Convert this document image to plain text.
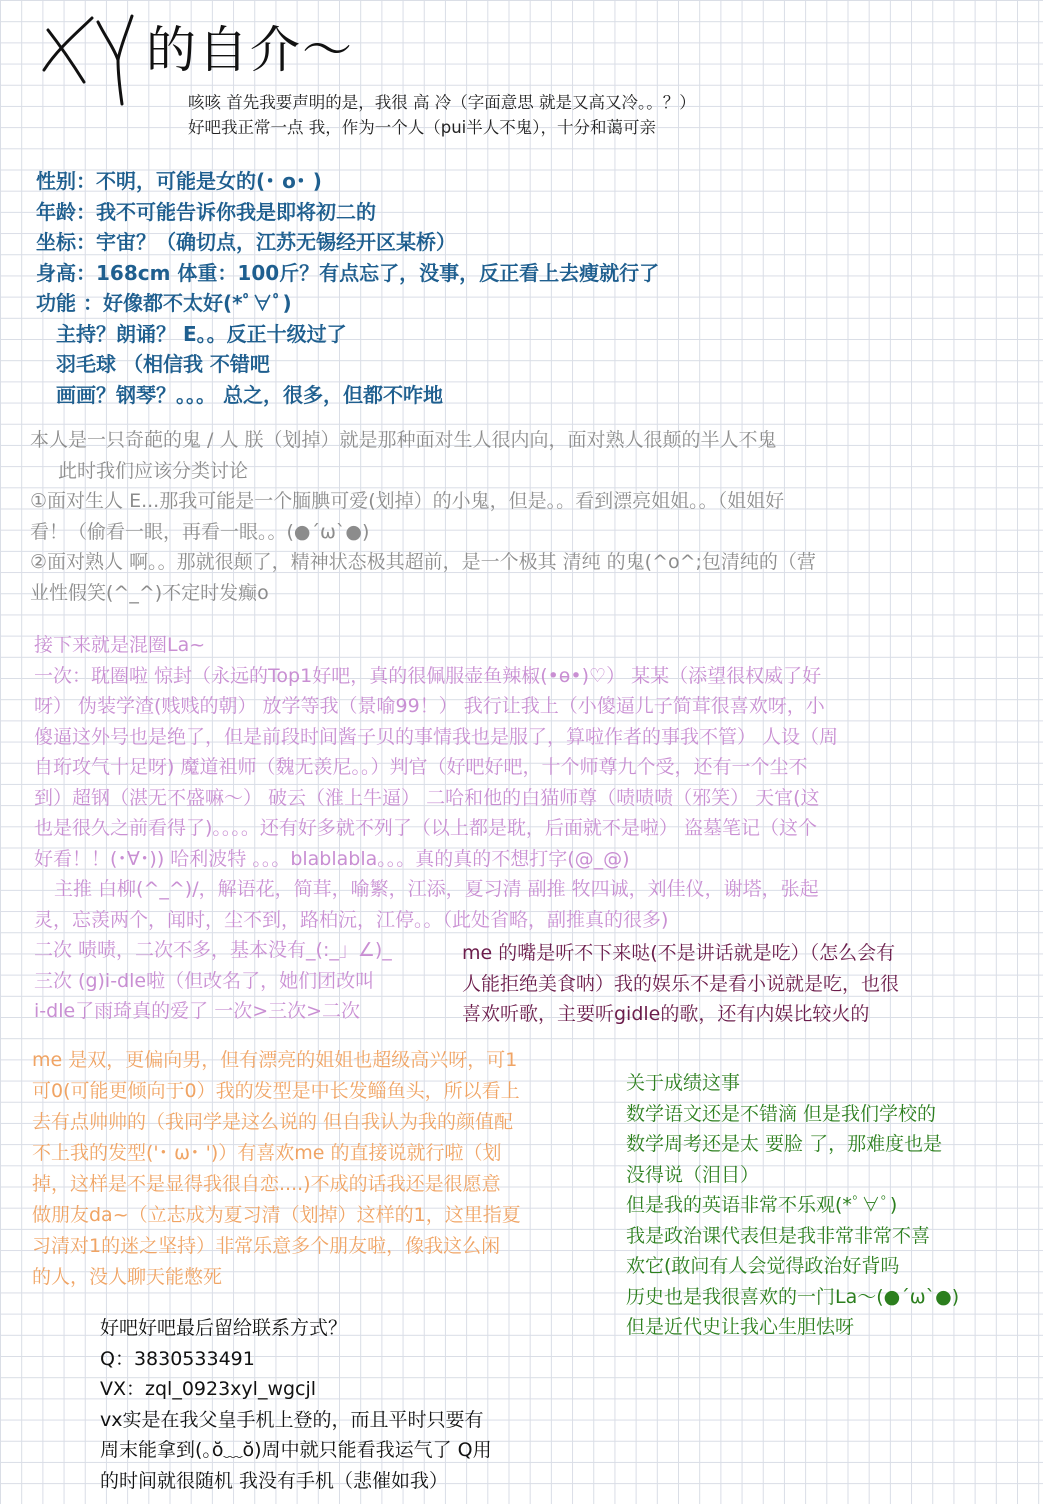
的自介～
咳咳 首先我要声明的是，我很 高 冷（字面意思 就是又高又冷。。？）
好吧我正常一点 我，作为一个人（pui半人不鬼），十分和蔼可亲
性别：不明，可能是女的(･ o･ )
年龄：我不可能告诉你我是即将初二的
坐标：宇宙？（确切点，江苏无锡经开区某桥）
身高：168cm 体重：100斤？有点忘了，没事，反正看上去瘦就行了
功能 ：好像都不太好(*ﾟ∀ﾟ)
主持？朗诵？ E。。反正十级过了
羽毛球 （相信我 不错吧
画画？钢琴？。。。 总之，很多，但都不咋地
本人是一只奇葩的鬼 / 人 朕（划掉）就是那种面对生人很内向，面对熟人很颠的半人不鬼
此时我们应该分类讨论
①面对生人 E...那我可能是一个腼腆可爱(划掉）的小鬼，但是。。看到漂亮姐姐。。（姐姐好
看！（偷看一眼，再看一眼。。(●´ω`●)
②面对熟人 啊。。那就很颠了，精神状态极其超前，是一个极其 清纯 的鬼(^o^;包清纯的（营
业性假笑(^_^)不定时发癫o
接下来就是混圈La~
一次：耽圈啦 惊封（永远的Top1好吧，真的很佩服壶鱼辣椒(•ɵ•)♡） 某某（添望很权威了好
呀） 伪装学渣(贱贱的朝） 放学等我（景喻99！） 我行让我上（小傻逼儿子简茸很喜欢呀，小
傻逼这外号也是绝了，但是前段时间酱子贝的事情我也是服了，算啦作者的事我不管） 人设（周
自珩攻气十足呀) 魔道祖师（魏无羡尼。。）判官（好吧好吧，十个师尊九个受，还有一个尘不
到）超钢（湛无不盛嘛～） 破云（淮上牛逼） 二哈和他的白猫师尊（啧啧啧（邪笑） 天官(这
也是很久之前看得了)。。。。还有好多就不列了（以上都是耽，后面就不是啦） 盗墓笔记（这个
好看！！(･∀･)) 哈利波特 。。。blablabla。。。真的真的不想打字(@_@)
主推 白柳(^_^)/，解语花，简茸，喻繁，江添，夏习清 副推 牧四诚，刘佳仪，谢塔，张起
灵，忘羡两个，闻时，尘不到，路柏沅，江停。。（此处省略，副推真的很多)
二次 啧啧，二次不多，基本没有_(:_」∠)_
三次 (g)i-dle啦（但改名了，她们团改叫
i-dle了雨琦真的爱了 一次>三次>二次
me 的嘴是听不下来哒(不是讲话就是吃）（怎么会有
人能拒绝美食呐）我的娱乐不是看小说就是吃，也很
喜欢听歌，主要听gidle的歌，还有内娱比较火的
me 是双，更偏向男，但有漂亮的姐姐也超级高兴呀，可1
可0(可能更倾向于0）我的发型是中长发鲻鱼头，所以看上
去有点帅帅的（我同学是这么说的 但自我认为我的颜值配
不上我的发型('･ ω･ ')）有喜欢me 的直接说就行啦（划
掉，这样是不是显得我很自恋....)不成的话我还是很愿意
做朋友da~（立志成为夏习清（划掉）这样的1，这里指夏
习清对1的迷之坚持）非常乐意多个朋友啦，像我这么闲
的人，没人聊天能憋死
关于成绩这事
数学语文还是不错滴 但是我们学校的
数学周考还是太 要脸 了，那难度也是
没得说（泪目）
但是我的英语非常不乐观(*ﾟ∀ﾟ)
我是政治课代表但是我非常非常不喜
欢它(敢问有人会觉得政治好背吗
历史也是我很喜欢的一门La～(●´ω`●)
但是近代史让我心生胆怯呀
好吧好吧最后留给联系方式？
Q：3830533491
VX：zql_0923xyl_wgcjl
vx实是在我父皇手机上登的，而且平时只要有
周末能拿到(｡ŏ﹏ŏ)周中就只能看我运气了 Q用
的时间就很随机 我没有手机（悲催如我）
